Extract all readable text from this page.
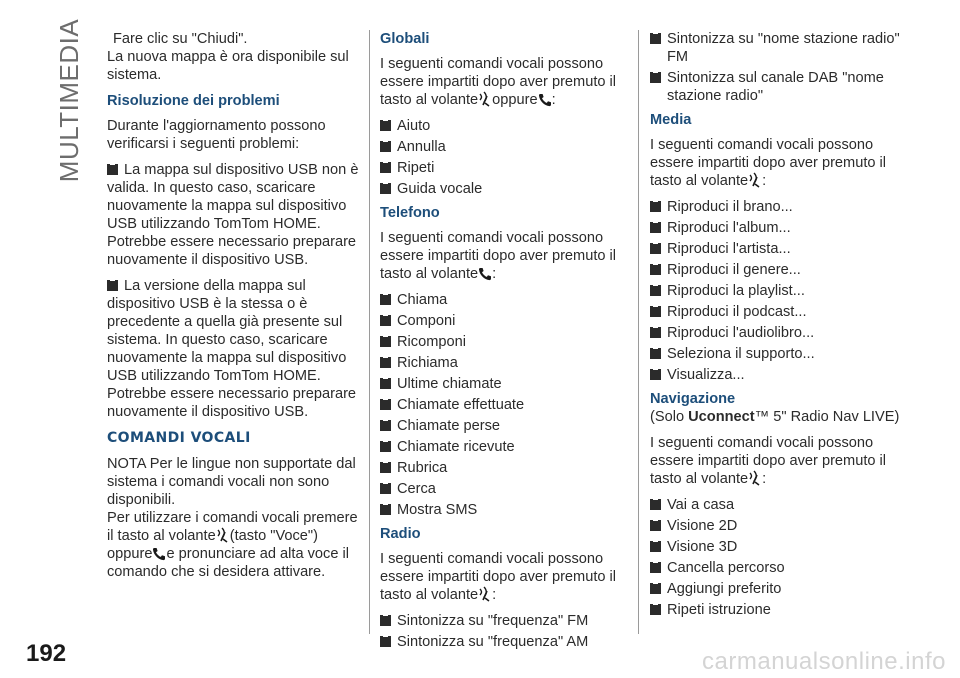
MULTIMEDIA
192	carmanualsonline.info
Fare clic su "Chiudi".
La nuova mappa è ora disponibile sul sistema.
Risoluzione dei problemi
Durante l'aggiornamento possono verificarsi i seguenti problemi:
La mappa sul dispositivo USB non è valida. In questo caso, scaricare nuovamente la mappa sul dispositivo USB utilizzando TomTom HOME. Potrebbe essere necessario preparare nuovamente il dispositivo USB.
La versione della mappa sul dispositivo USB è la stessa o è precedente a quella già presente sul sistema. In questo caso, scaricare nuovamente la mappa sul dispositivo USB utilizzando TomTom HOME. Potrebbe essere necessario preparare nuovamente il dispositivo USB.
COMANDI VOCALI
NOTA Per le lingue non supportate dal sistema i comandi vocali non sono disponibili.
Per utilizzare i comandi vocali premere il tasto al volante (tasto "Voce") oppure e pronunciare ad alta voce il comando che si desidera attivare.
Globali
I seguenti comandi vocali possono essere impartiti dopo aver premuto il tasto al volante oppure :
Aiuto
Annulla
Ripeti
Guida vocale
Telefono
I seguenti comandi vocali possono essere impartiti dopo aver premuto il tasto al volante :
Chiama
Componi
Ricomponi
Richiama
Ultime chiamate
Chiamate effettuate
Chiamate perse
Chiamate ricevute
Rubrica
Cerca
Mostra SMS
Radio
I seguenti comandi vocali possono essere impartiti dopo aver premuto il tasto al volante :
Sintonizza su "frequenza" FM
Sintonizza su "frequenza" AM
Sintonizza su "nome stazione radio" FM
Sintonizza sul canale DAB "nome stazione radio"
Media
I seguenti comandi vocali possono essere impartiti dopo aver premuto il tasto al volante :
Riproduci il brano...
Riproduci l'album...
Riproduci l'artista...
Riproduci il genere...
Riproduci la playlist...
Riproduci il podcast...
Riproduci l'audiolibro...
Seleziona il supporto...
Visualizza...
Navigazione
(Solo Uconnect™ 5" Radio Nav LIVE)
I seguenti comandi vocali possono essere impartiti dopo aver premuto il tasto al volante :
Vai a casa
Visione 2D
Visione 3D
Cancella percorso
Aggiungi preferito
Ripeti istruzione
